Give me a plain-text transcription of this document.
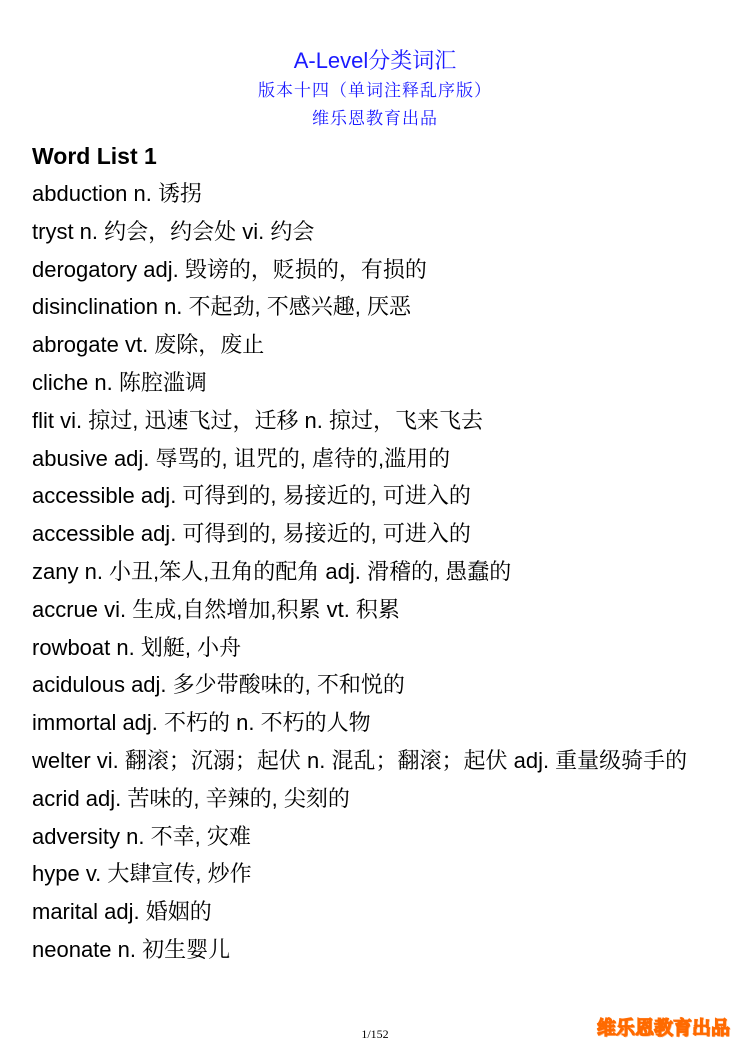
A-Level分类词汇
版本十四（单词注释乱序版）
维乐恩教育出品
Word List 1
abduction n. 诱拐
tryst n. 约会，约会处 vi. 约会
derogatory adj. 毁谤的，贬损的，有损的
disinclination n. 不起劲, 不感兴趣, 厌恶
abrogate vt. 废除，废止
cliche n. 陈腔滥调
flit vi. 掠过, 迅速飞过，迁移 n. 掠过，飞来飞去
abusive adj. 辱骂的, 诅咒的, 虐待的,滥用的
accessible adj. 可得到的, 易接近的, 可进入的
accessible adj. 可得到的, 易接近的, 可进入的
zany n. 小丑,笨人,丑角的配角 adj. 滑稽的, 愚蠢的
accrue vi. 生成,自然增加,积累 vt. 积累
rowboat n. 划艇, 小舟
acidulous adj. 多少带酸味的, 不和悦的
immortal adj. 不朽的 n. 不朽的人物
welter vi. 翻滚；沉溺；起伏 n. 混乱；翻滚；起伏 adj. 重量级骑手的
acrid adj. 苦味的, 辛辣的, 尖刻的
adversity n. 不幸, 灾难
hype v. 大肆宣传, 炒作
marital adj. 婚姻的
neonate n. 初生婴儿
1/152	维乐恩教育出品
